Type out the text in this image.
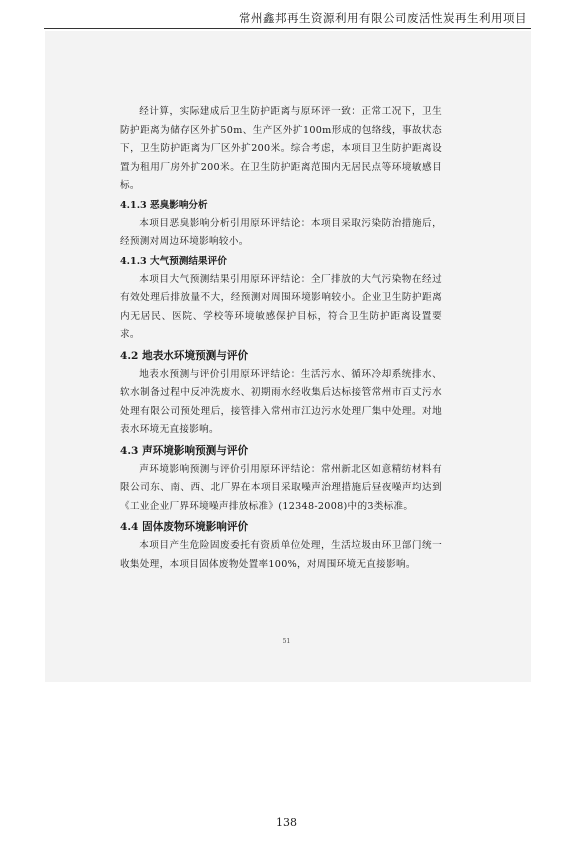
常州鑫邦再生资源利用有限公司废活性炭再生利用项目

经计算，实际建成后卫生防护距离与原环评一致：正常工况下，卫生防护距离为储存区外扩50m、生产区外扩100m形成的包络线，事故状态下，卫生防护距离为厂区外扩200米。综合考虑，本项目卫生防护距离设置为租用厂房外扩200米。在卫生防护距离范围内无居民点等环境敏感目标。

4.1.3 恶臭影响分析

本项目恶臭影响分析引用原环评结论：本项目采取污染防治措施后，经预测对周边环境影响较小。

4.1.3 大气预测结果评价

本项目大气预测结果引用原环评结论：全厂排放的大气污染物在经过有效处理后排放量不大，经预测对周围环境影响较小。企业卫生防护距离内无居民、医院、学校等环境敏感保护目标，符合卫生防护距离设置要求。

4.2 地表水环境预测与评价

地表水预测与评价引用原环评结论：生活污水、循环冷却系统排水、软水制备过程中反冲洗废水、初期雨水经收集后达标接管常州市百丈污水处理有限公司预处理后，接管排入常州市江边污水处理厂集中处理。对地表水环境无直接影响。

4.3 声环境影响预测与评价

声环境影响预测与评价引用原环评结论：常州新北区如意精纺材料有限公司东、南、西、北厂界在本项目采取噪声治理措施后昼夜噪声均达到《工业企业厂界环境噪声排放标准》(12348-2008)中的3类标准。

4.4 固体废物环境影响评价

本项目产生危险固废委托有资质单位处理，生活垃圾由环卫部门统一收集处理，本项目固体废物处置率100%，对周围环境无直接影响。

51
138
